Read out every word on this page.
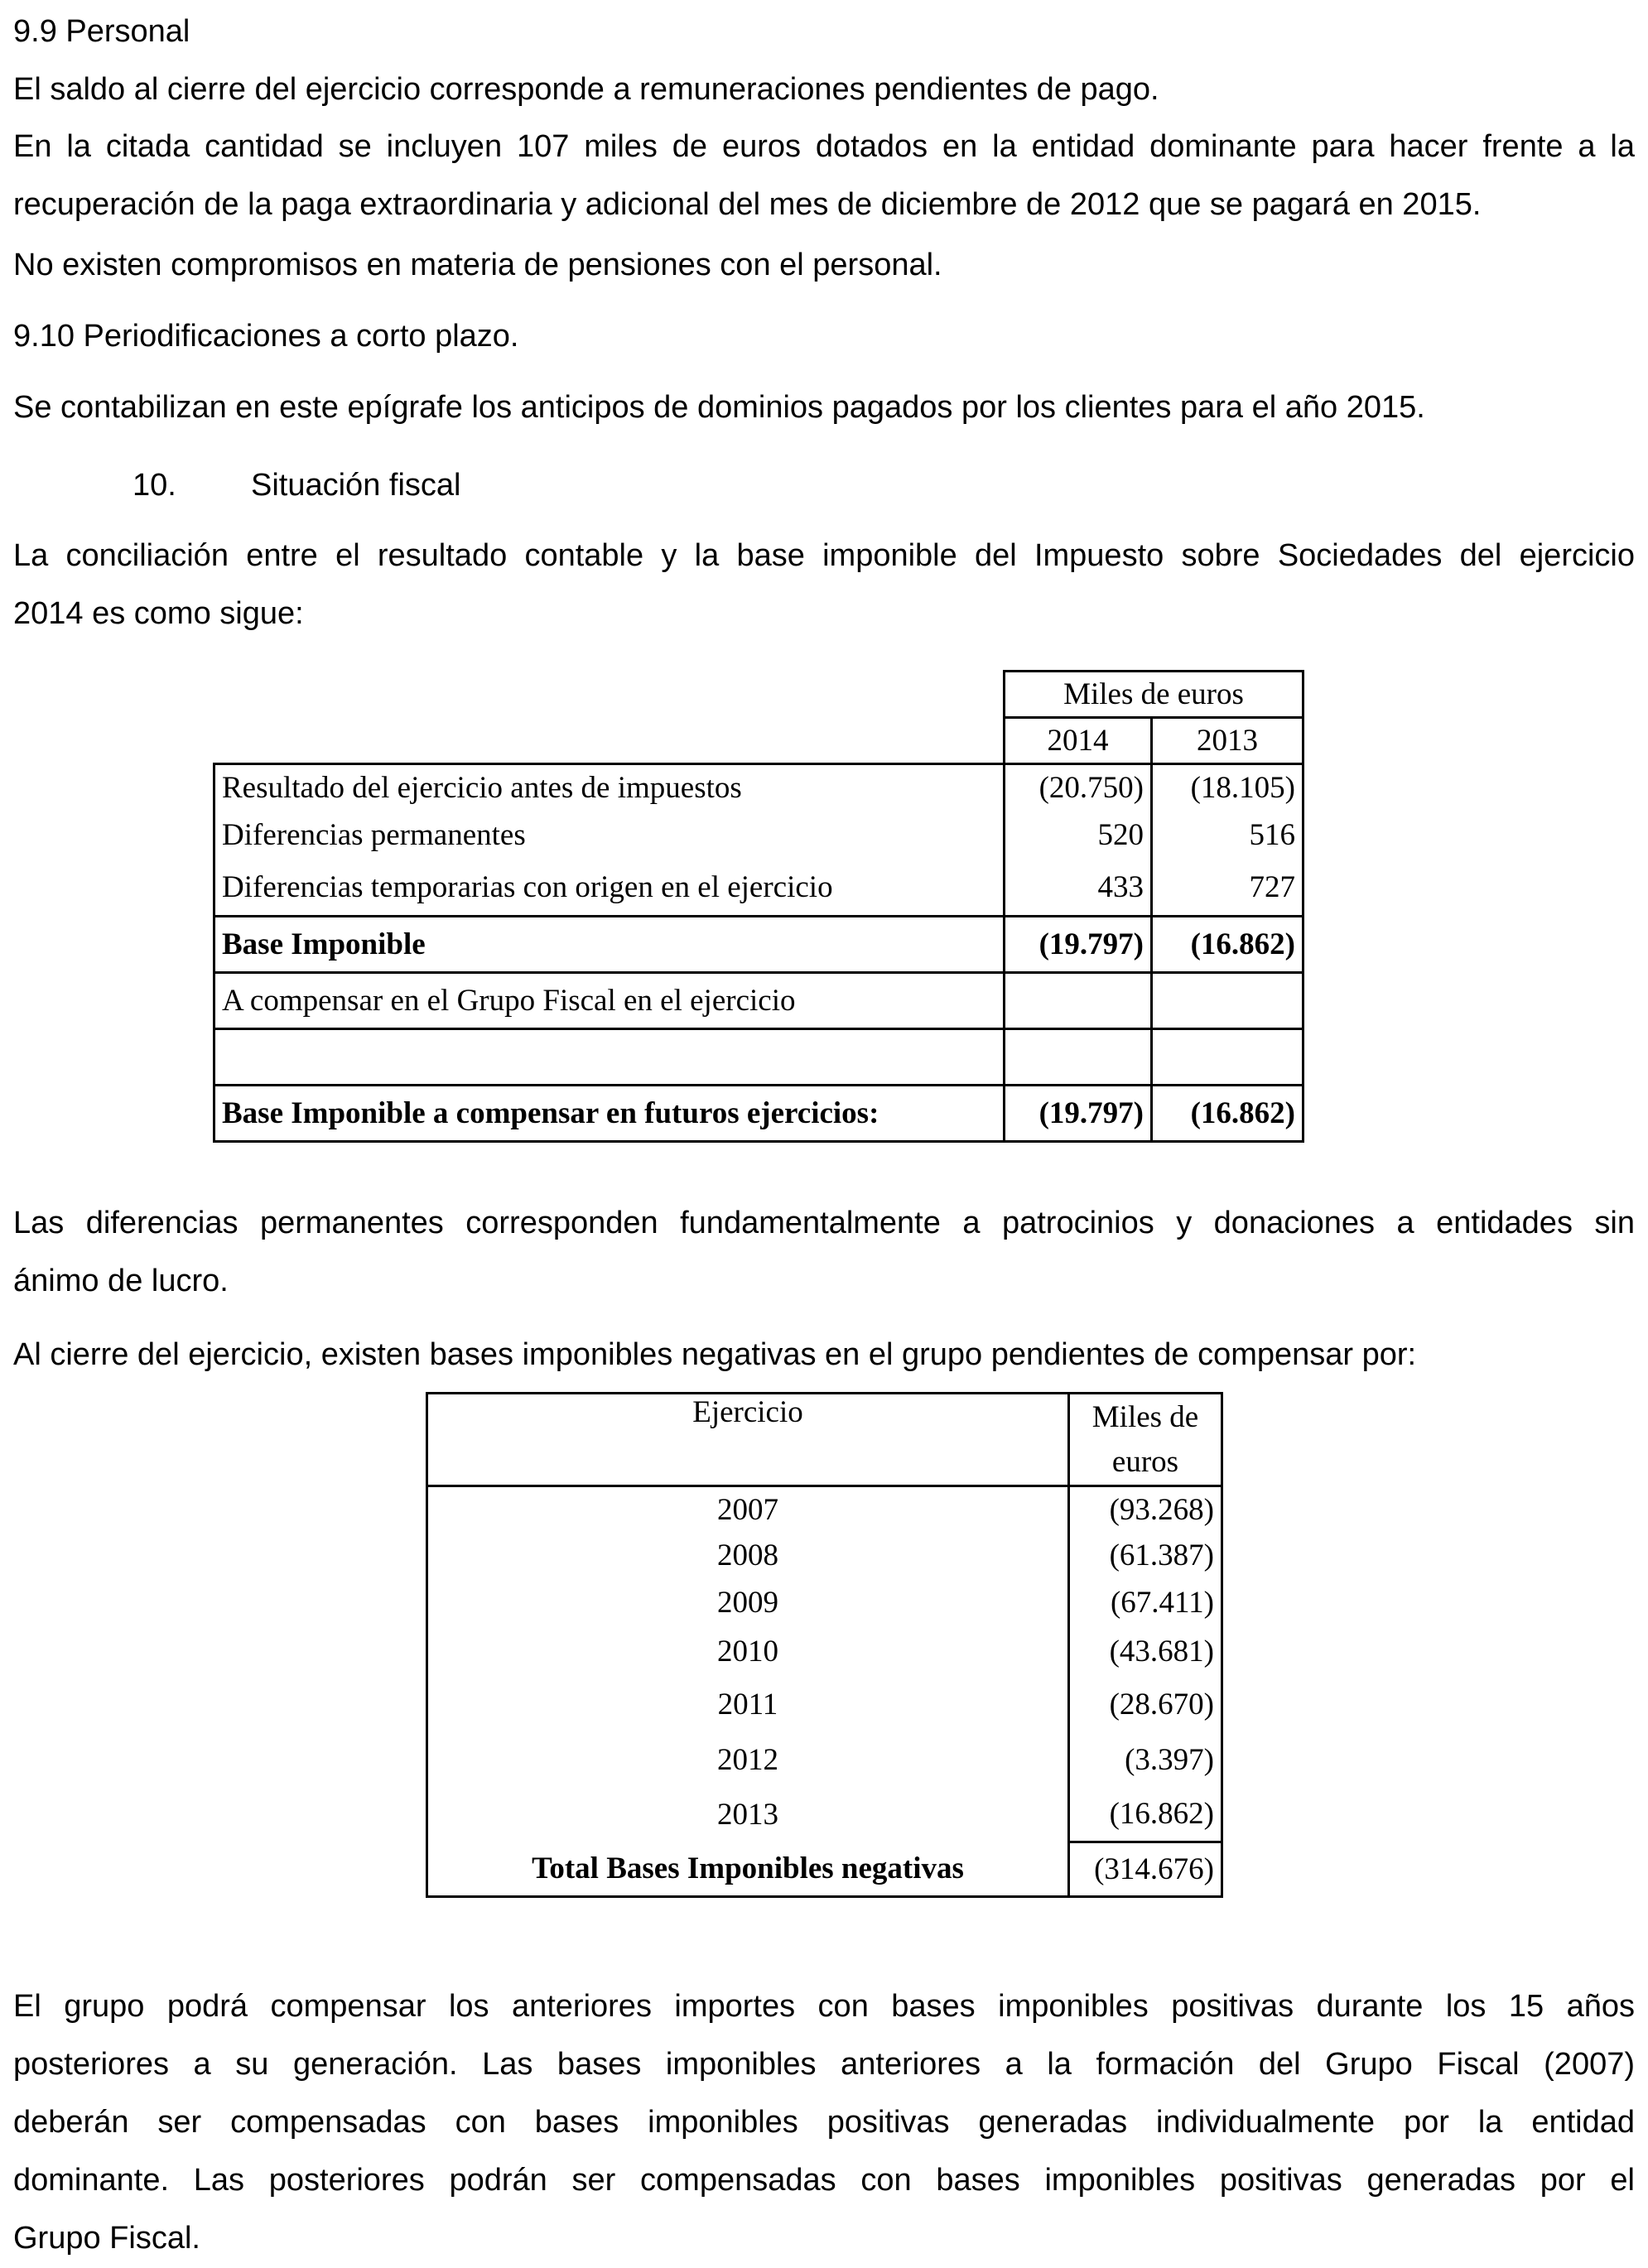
9.9 Personal
El saldo al cierre del ejercicio corresponde a remuneraciones pendientes de pago.
En la citada cantidad se incluyen 107 miles de euros dotados en la entidad dominante para hacer frente a la
recuperación de la paga extraordinaria y adicional del mes de diciembre de 2012 que se pagará en 2015.
No existen compromisos en materia de pensiones con el personal.
9.10 Periodificaciones a corto plazo.
Se contabilizan en este epígrafe los anticipos de dominios pagados por los clientes para el año 2015.
10. Situación fiscal
La conciliación entre el resultado contable y la base imponible del Impuesto sobre Sociedades del ejercicio
2014 es como sigue:
	Miles de euros	
	2014	2013
Resultado del ejercicio antes de impuestos	(20.750)	(18.105)
Diferencias permanentes	520	516
Diferencias temporarias con origen en el ejercicio	433	727
Base Imponible	(19.797)	(16.862)
A compensar en el Grupo Fiscal en el ejercicio		

Base Imponible a compensar en futuros ejercicios:	(19.797)	(16.862)
Las diferencias permanentes corresponden fundamentalmente a patrocinios y donaciones a entidades sin
ánimo de lucro.
Al cierre del ejercicio, existen bases imponibles negativas en el grupo pendientes de compensar por:
Ejercicio	Miles de
	euros
2007	(93.268)
2008	(61.387)
2009	(67.411)
2010	(43.681)
2011	(28.670)
2012	(3.397)
2013	(16.862)
Total Bases Imponibles negativas	(314.676)
El grupo podrá compensar los anteriores importes con bases imponibles positivas durante los 15 años
posteriores a su generación. Las bases imponibles anteriores a la formación del Grupo Fiscal (2007)
deberán ser compensadas con bases imponibles positivas generadas individualmente por la entidad
dominante. Las posteriores podrán ser compensadas con bases imponibles positivas generadas por el
Grupo Fiscal.
